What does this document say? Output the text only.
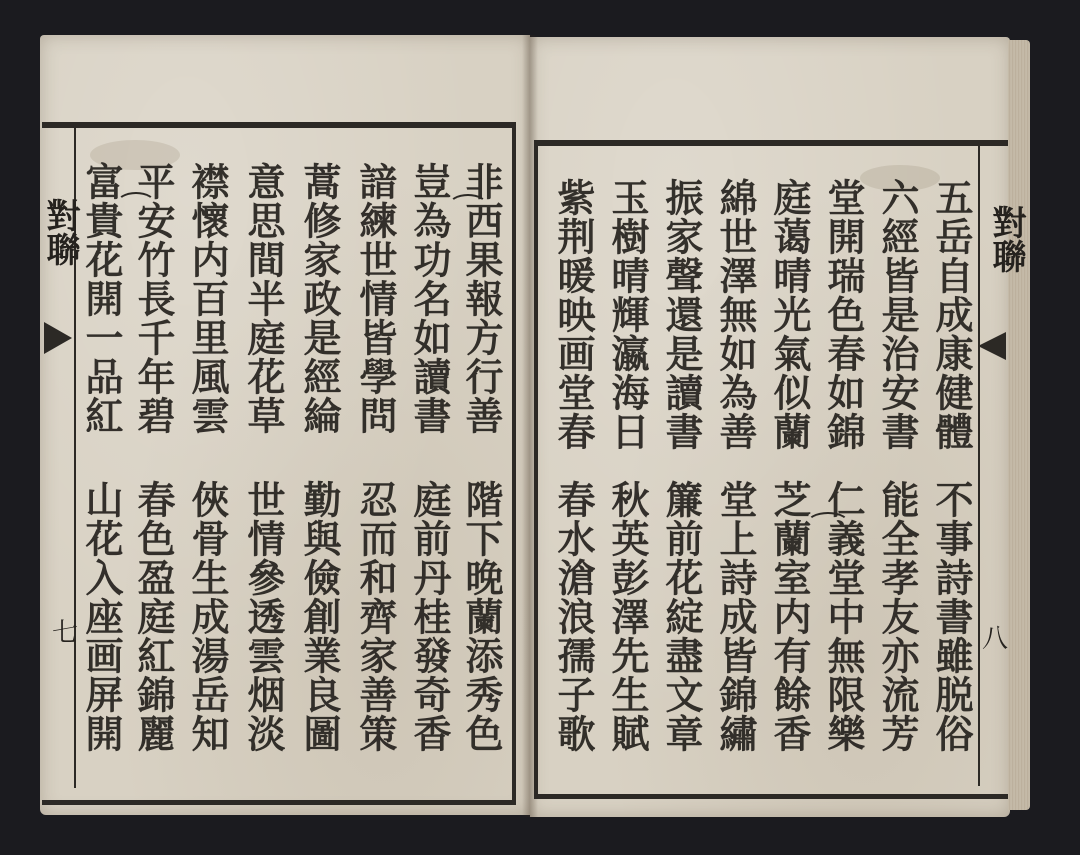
對聯
七
對聯
八
非西果報方行善
豈為功名如讀書
諳練世情皆學問
蒿修家政是經綸
意思間半庭花草
襟懷内百里風雲
平安竹長千年碧
富貴花開一品紅
階下晚蘭添秀色
庭前丹桂發奇香
忍而和齊家善策
勤與儉創業良圖
世情參透雲烟淡
俠骨生成湯岳知
春色盈庭紅錦麗
山花入座画屏開
五岳自成康健體
六經皆是治安書
堂開瑞色春如錦
庭蔼晴光氣似蘭
綿世澤無如為善
振家聲還是讀書
玉樹晴輝瀛海日
紫荆暖映画堂春
不事詩書雖脱俗
能全孝友亦流芳
仁義堂中無限樂
芝蘭室内有餘香
堂上詩成皆錦繡
簾前花綻盡文章
秋英彭澤先生賦
春水滄浪孺子歌
